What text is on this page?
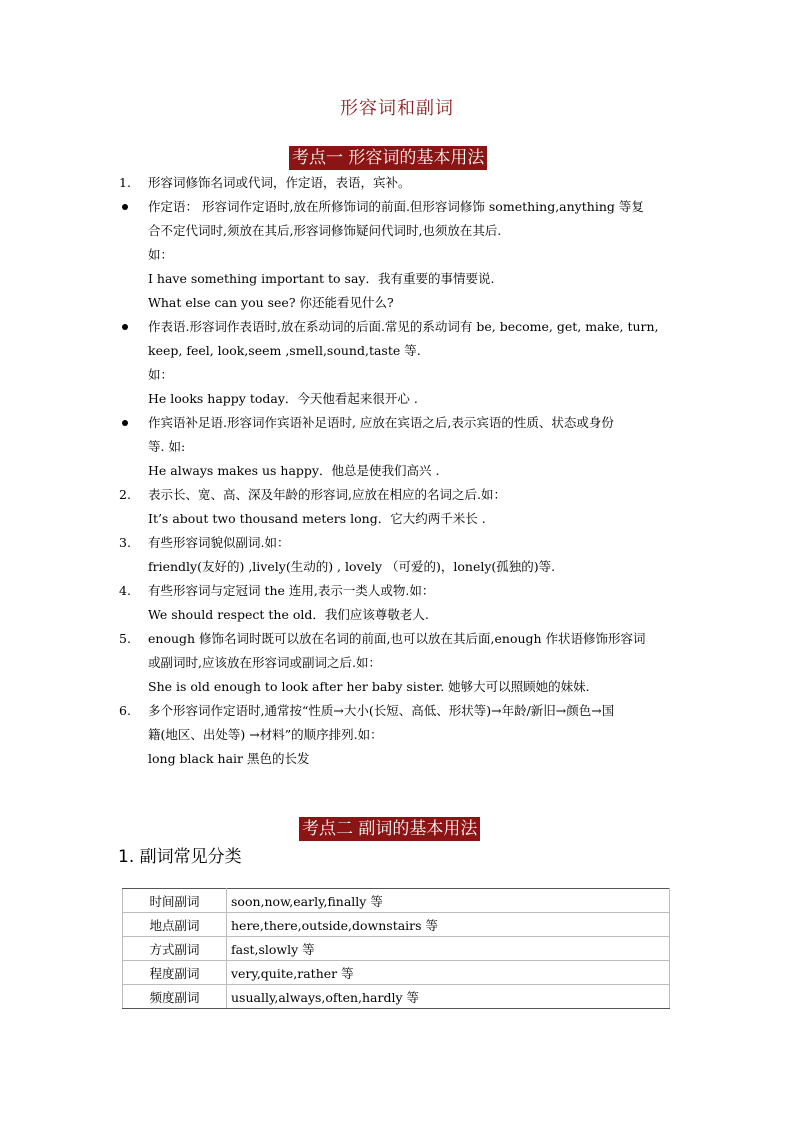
形容词和副词
考点一 形容词的基本用法
1. 形容词修饰名词或代词，作定语，表语，宾补。
作定语： 形容词作定语时,放在所修饰词的前面.但形容词修饰 something,anything 等复
合不定代词时,须放在其后,形容词修饰疑问代词时,也须放在其后.
如：
I have something important to say．我有重要的事情要说.
What else can you see? 你还能看见什么?
作表语.形容词作表语时,放在系动词的后面.常见的系动词有 be, become, get, make, turn,
keep, feel, look,seem ,smell,sound,taste 等.
如：
He looks happy today．今天他看起来很开心 .
作宾语补足语.形容词作宾语补足语时, 应放在宾语之后,表示宾语的性质、状态或身份
等. 如:
He always makes us happy．他总是使我们高兴 .
2. 表示长、宽、高、深及年龄的形容词,应放在相应的名词之后.如：
It’s about two thousand meters long．它大约两千米长 .
3. 有些形容词貌似副词.如：
friendly(友好的) ,lively(生动的) , lovely （可爱的)，lonely(孤独的)等.
4. 有些形容词与定冠词 the 连用,表示一类人或物.如：
We should respect the old．我们应该尊敬老人.
5. enough 修饰名词时既可以放在名词的前面,也可以放在其后面,enough 作状语修饰形容词
或副词时,应该放在形容词或副词之后.如：
She is old enough to look after her baby sister. 她够大可以照顾她的妹妹.
6. 多个形容词作定语时,通常按“性质→大小(长短、高低、形状等)→年龄/新旧→颜色→国
籍(地区、出处等) →材料”的顺序排列.如：
long black hair 黑色的长发
考点二 副词的基本用法
1. 副词常见分类
时间副词	soon,now,early,finally 等
地点副词	here,there,outside,downstairs 等
方式副词	fast,slowly 等
程度副词	very,quite,rather 等
频度副词	usually,always,often,hardly 等
